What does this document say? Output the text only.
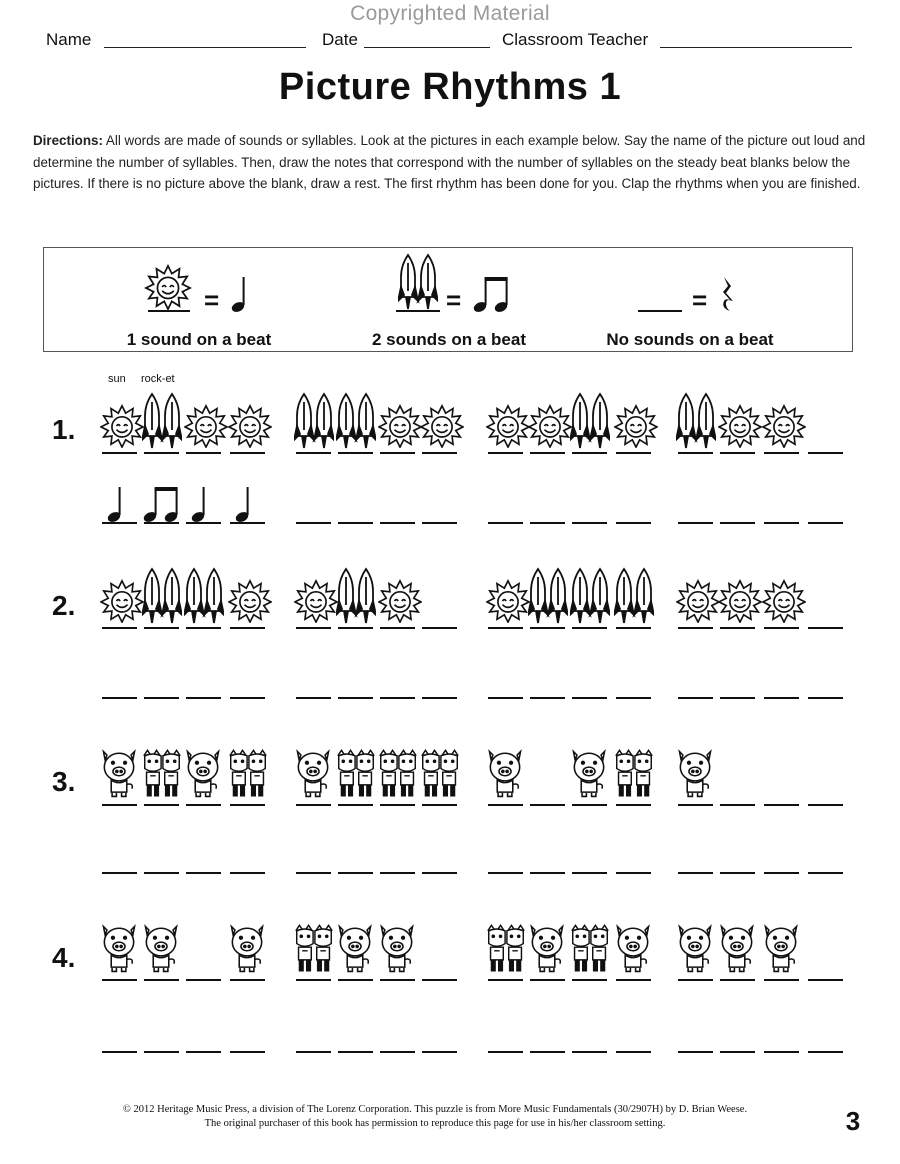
Copyrighted Material
Name	Date	Classroom Teacher
Picture Rhythms 1
Directions: All words are made of sounds or syllables. Look at the pictures in each example below. Say the name of the picture out loud and determine the number of syllables. Then, draw the notes that correspond with the number of syllables on the steady beat blanks below the pictures. If there is no picture above the blank, draw a rest. The first rhythm has been done for you. Clap the rhythms when you are finished.
=
1 sound on a beat
=
2 sounds on a beat
=
No sounds on a beat
sun rock-et
1.
2.
3.
4.
© 2012 Heritage Music Press, a division of The Lorenz Corporation. This puzzle is from More Music Fundamentals (30/2907H) by D. Brian Weese.
The original purchaser of this book has permission to reproduce this page for use in his/her classroom setting.	3
